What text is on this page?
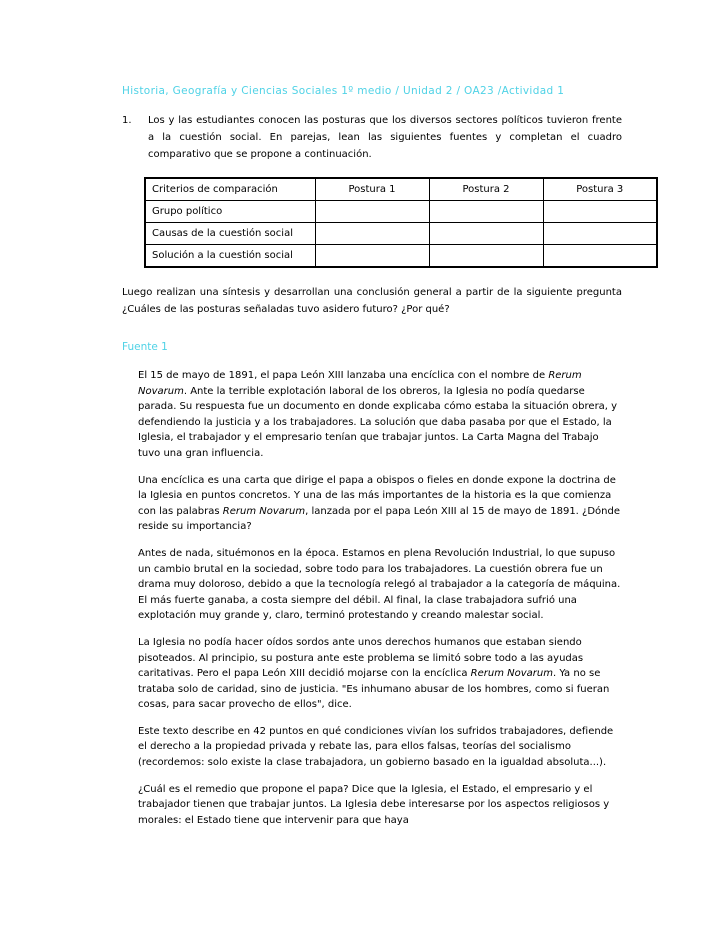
Historia, Geografía y Ciencias Sociales 1º medio / Unidad 2 / OA23 /Actividad 1
1.	Los y las estudiantes conocen las posturas que los diversos sectores políticos tuvieron frente a la cuestión social. En parejas, lean las siguientes fuentes y completan el cuadro comparativo que se propone a continuación.
Criterios de comparación	Postura 1	Postura 2	Postura 3
Grupo político			
Causas de la cuestión social			
Solución a la cuestión social			
Luego realizan una síntesis y desarrollan una conclusión general a partir de la siguiente pregunta ¿Cuáles de las posturas señaladas tuvo asidero futuro? ¿Por qué?
Fuente 1

El 15 de mayo de 1891, el papa León XIII lanzaba una encíclica con el nombre de Rerum Novarum. Ante la terrible explotación laboral de los obreros, la Iglesia no podía quedarse parada. Su respuesta fue un documento en donde explicaba cómo estaba la situación obrera, y defendiendo la justicia y a los trabajadores. La solución que daba pasaba por que el Estado, la Iglesia, el trabajador y el empresario tenían que trabajar juntos. La Carta Magna del Trabajo tuvo una gran influencia.

Una encíclica es una carta que dirige el papa a obispos o fieles en donde expone la doctrina de la Iglesia en puntos concretos. Y una de las más importantes de la historia es la que comienza con las palabras Rerum Novarum, lanzada por el papa León XIII al 15 de mayo de 1891. ¿Dónde reside su importancia?

Antes de nada, situémonos en la época. Estamos en plena Revolución Industrial, lo que supuso un cambio brutal en la sociedad, sobre todo para los trabajadores. La cuestión obrera fue un drama muy doloroso, debido a que la tecnología relegó al trabajador a la categoría de máquina. El más fuerte ganaba, a costa siempre del débil. Al final, la clase trabajadora sufrió una explotación muy grande y, claro, terminó protestando y creando malestar social.

La Iglesia no podía hacer oídos sordos ante unos derechos humanos que estaban siendo pisoteados. Al principio, su postura ante este problema se limitó sobre todo a las ayudas caritativas. Pero el papa León XIII decidió mojarse con la encíclica Rerum Novarum. Ya no se trataba solo de caridad, sino de justicia. "Es inhumano abusar de los hombres, como si fueran cosas, para sacar provecho de ellos", dice.

Este texto describe en 42 puntos en qué condiciones vivían los sufridos trabajadores, defiende el derecho a la propiedad privada y rebate las, para ellos falsas, teorías del socialismo (recordemos: solo existe la clase trabajadora, un gobierno basado en la igualdad absoluta...).

¿Cuál es el remedio que propone el papa? Dice que la Iglesia, el Estado, el empresario y el trabajador tienen que trabajar juntos. La Iglesia debe interesarse por los aspectos religiosos y morales: el Estado tiene que intervenir para que haya
